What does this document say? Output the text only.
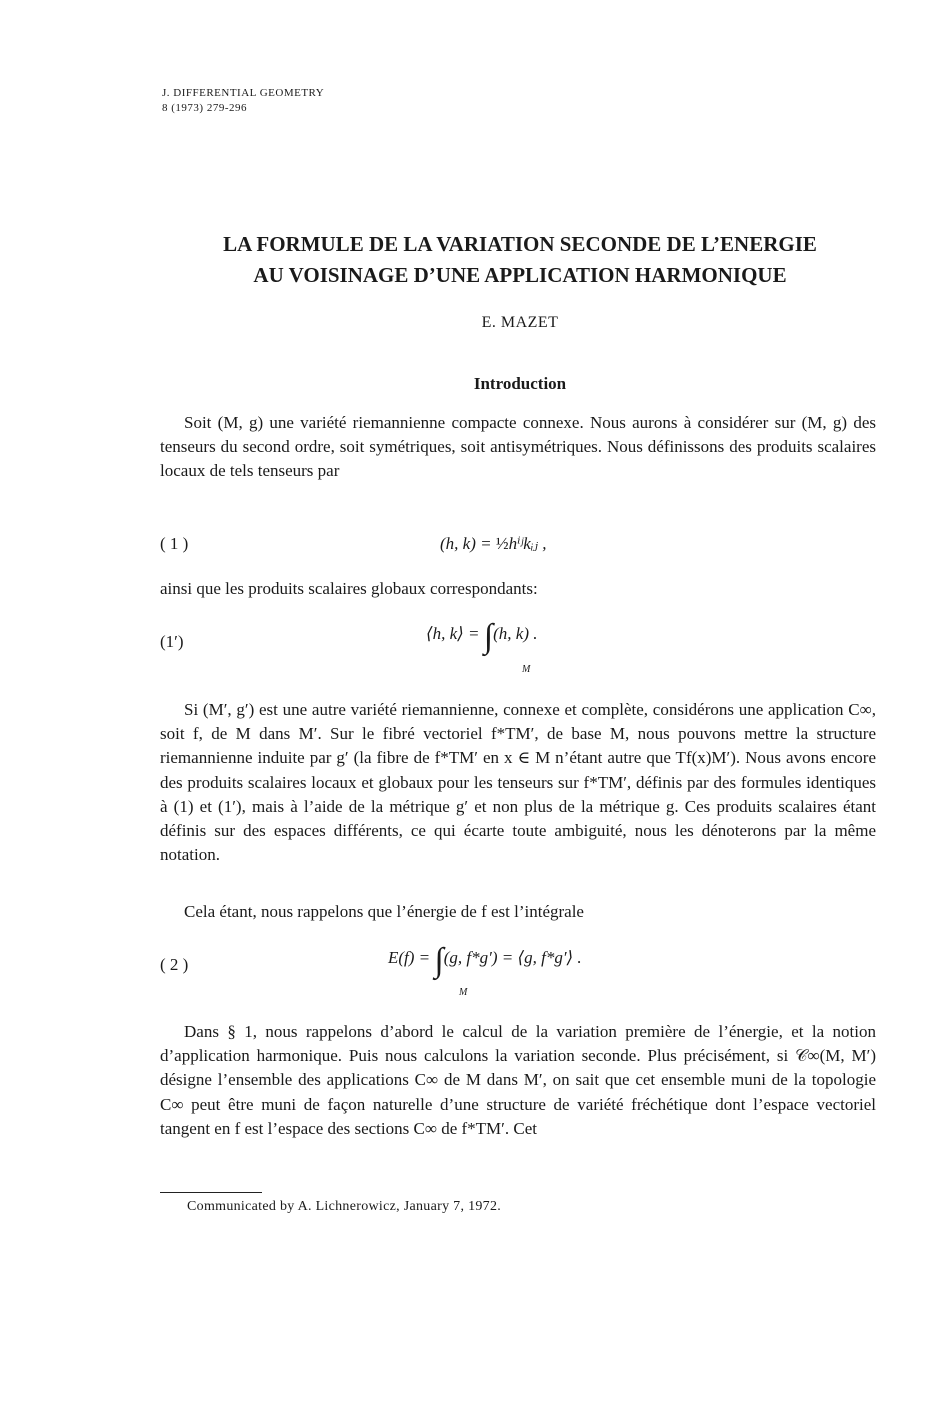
J. DIFFERENTIAL GEOMETRY
8 (1973) 279-296
LA FORMULE DE LA VARIATION SECONDE DE L’ENERGIE
AU VOISINAGE D’UNE APPLICATION HARMONIQUE
E. MAZET
Introduction
Soit (M, g) une variété riemannienne compacte connexe. Nous aurons à considérer sur (M, g) des tenseurs du second ordre, soit symétriques, soit antisymétriques. Nous définissons des produits scalaires locaux de tels tenseurs par
( 1 )	(h, k) = ½hⁱʲkᵢⱼ ,
ainsi que les produits scalaires globaux correspondants:
(1′)	⟨h, k⟩ = ∫(h, k) .
M
Si (M′, g′) est une autre variété riemannienne, connexe et complète, considérons une application C∞, soit f, de M dans M′. Sur le fibré vectoriel f*TM′, de base M, nous pouvons mettre la structure riemannienne induite par g′ (la fibre de f*TM′ en x ∈ M n’étant autre que Tf(x)M′). Nous avons encore des produits scalaires locaux et globaux pour les tenseurs sur f*TM′, définis par des formules identiques à (1) et (1′), mais à l’aide de la métrique g′ et non plus de la métrique g. Ces produits scalaires étant définis sur des espaces différents, ce qui écarte toute ambiguité, nous les dénoterons par la même notation.
Cela étant, nous rappelons que l’énergie de f est l’intégrale
( 2 )	E(f) = ∫(g, f*g′) = ⟨g, f*g′⟩ .
M
Dans § 1, nous rappelons d’abord le calcul de la variation première de l’énergie, et la notion d’application harmonique. Puis nous calculons la variation seconde. Plus précisément, si 𝒞∞(M, M′) désigne l’ensemble des applications C∞ de M dans M′, on sait que cet ensemble muni de la topologie C∞ peut être muni de façon naturelle d’une structure de variété fréchétique dont l’espace vectoriel tangent en f est l’espace des sections C∞ de f*TM′. Cet
Communicated by A. Lichnerowicz, January 7, 1972.
